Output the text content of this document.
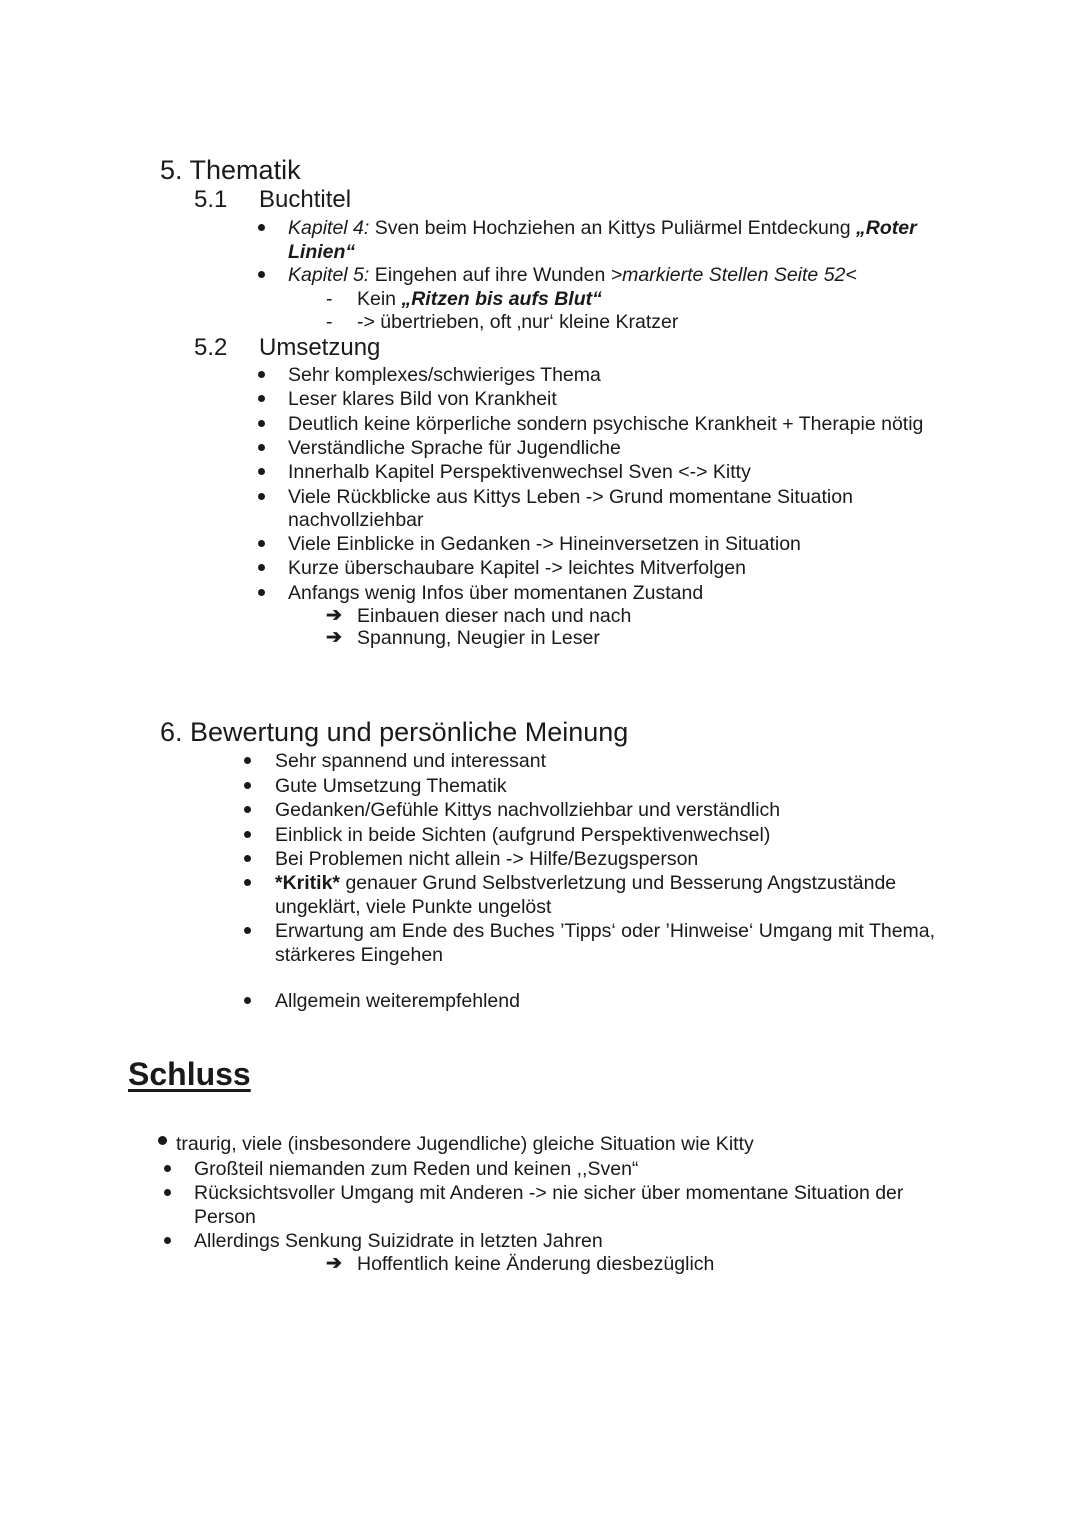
5. Thematik
5.1 Buchtitel
Kapitel 4: Sven beim Hochziehen an Kittys Puliärmel Entdeckung „Roter
Linien“
Kapitel 5: Eingehen auf ihre Wunden >markierte Stellen Seite 52<
- Kein „Ritzen bis aufs Blut“
- -> übertrieben, oft ‚nur‘ kleine Kratzer
5.2 Umsetzung
Sehr komplexes/schwieriges Thema
Leser klares Bild von Krankheit
Deutlich keine körperliche sondern psychische Krankheit + Therapie nötig
Verständliche Sprache für Jugendliche
Innerhalb Kapitel Perspektivenwechsel Sven <-> Kitty
Viele Rückblicke aus Kittys Leben -> Grund momentane Situation
nachvollziehbar
Viele Einblicke in Gedanken -> Hineinversetzen in Situation
Kurze überschaubare Kapitel -> leichtes Mitverfolgen
Anfangs wenig Infos über momentanen Zustand
➔ Einbauen dieser nach und nach
➔ Spannung, Neugier in Leser
6. Bewertung und persönliche Meinung
Sehr spannend und interessant
Gute Umsetzung Thematik
Gedanken/Gefühle Kittys nachvollziehbar und verständlich
Einblick in beide Sichten (aufgrund Perspektivenwechsel)
Bei Problemen nicht allein -> Hilfe/Bezugsperson
*Kritik* genauer Grund Selbstverletzung und Besserung Angstzustände
ungeklärt, viele Punkte ungelöst
Erwartung am Ende des Buches ’Tipps‘ oder ’Hinweise‘ Umgang mit Thema,
stärkeres Eingehen
Allgemein weiterempfehlend
Schluss
traurig, viele (insbesondere Jugendliche) gleiche Situation wie Kitty
Großteil niemanden zum Reden und keinen ,,Sven“
Rücksichtsvoller Umgang mit Anderen -> nie sicher über momentane Situation der
Person
Allerdings Senkung Suizidrate in letzten Jahren
➔ Hoffentlich keine Änderung diesbezüglich
